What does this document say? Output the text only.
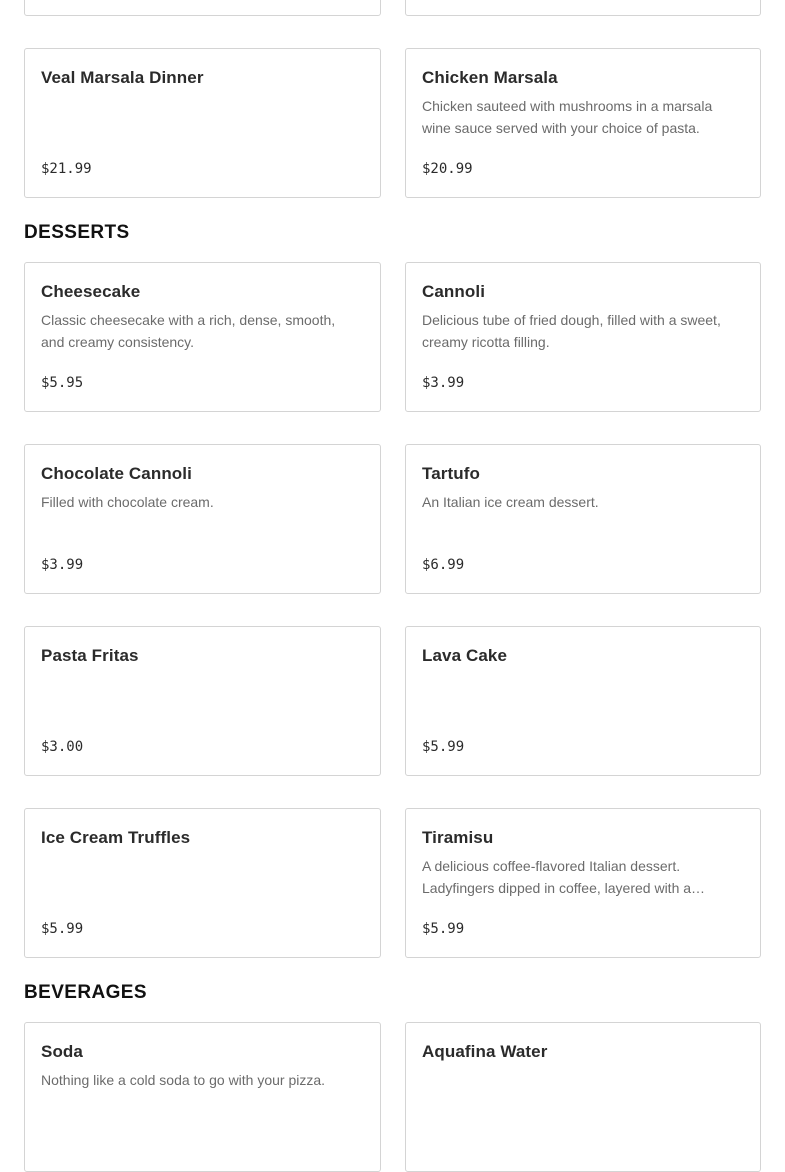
Veal Marsala Dinner
$21.99
Chicken Marsala
Chicken sauteed with mushrooms in a marsala wine sauce served with your choice of pasta.
$20.99
DESSERTS
Cheesecake
Classic cheesecake with a rich, dense, smooth, and creamy consistency.
$5.95
Cannoli
Delicious tube of fried dough, filled with a sweet, creamy ricotta filling.
$3.99
Chocolate Cannoli
Filled with chocolate cream.
$3.99
Tartufo
An Italian ice cream dessert.
$6.99
Pasta Fritas
$3.00
Lava Cake
$5.99
Ice Cream Truffles
$5.99
Tiramisu
A delicious coffee-flavored Italian dessert. Ladyfingers dipped in coffee, layered with a…
$5.99
BEVERAGES
Soda
Nothing like a cold soda to go with your pizza.
Aquafina Water
